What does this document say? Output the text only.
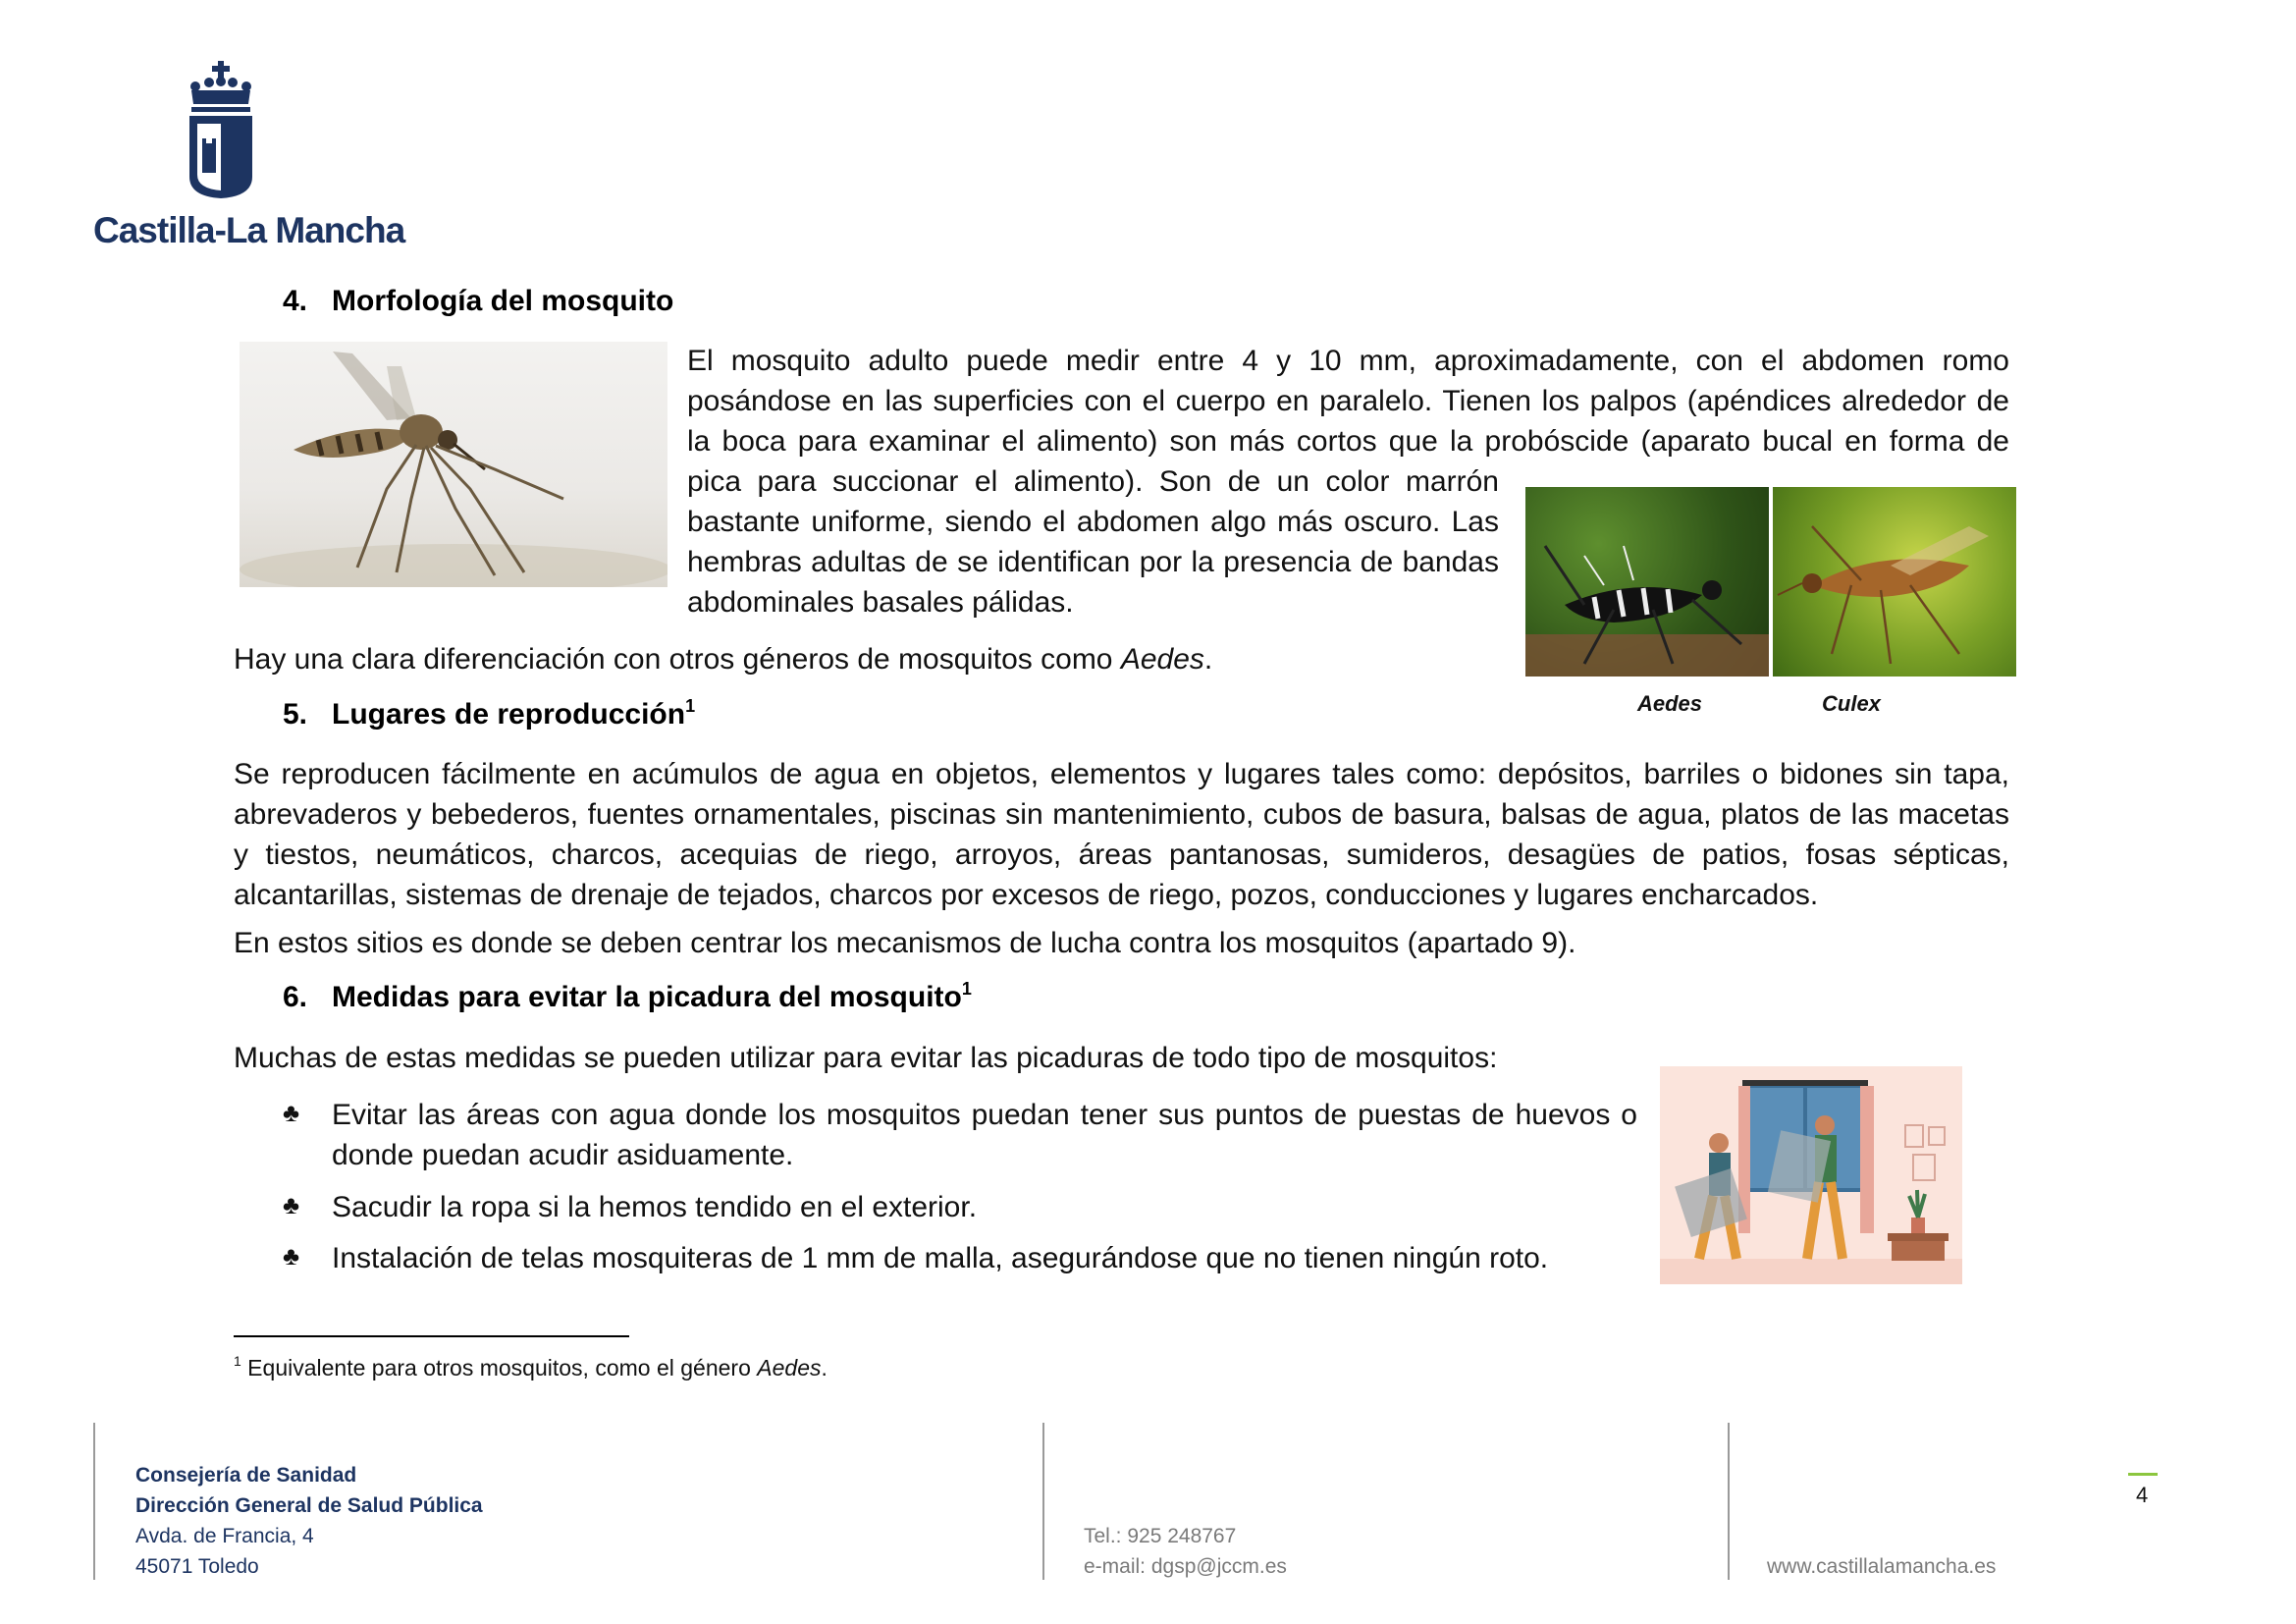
Castilla-La Mancha
4. Morfología del mosquito
El mosquito adulto puede medir entre 4 y 10 mm, aproximadamente, con el abdomen romo
posándose en las superficies con el cuerpo en paralelo. Tienen los palpos (apéndices alrededor de
la boca para examinar el alimento) son más cortos que la probóscide (aparato bucal en forma de
pica para succionar el alimento). Son de un color marrón
bastante uniforme, siendo el abdomen algo más oscuro. Las
hembras adultas de se identifican por la presencia de bandas
abdominales basales pálidas.
Aedes	Culex
Hay una clara diferenciación con otros géneros de mosquitos como Aedes.
5. Lugares de reproducción$^1$
Se reproducen fácilmente en acúmulos de agua en objetos, elementos y lugares tales como: depósitos, barriles o bidones sin tapa,
abrevaderos y bebederos, fuentes ornamentales, piscinas sin mantenimiento, cubos de basura, balsas de agua, platos de las macetas
y tiestos, neumáticos, charcos, acequias de riego, arroyos, áreas pantanosas, sumideros, desagües de patios, fosas sépticas,
alcantarillas, sistemas de drenaje de tejados, charcos por excesos de riego, pozos, conducciones y lugares encharcados.
En estos sitios es donde se deben centrar los mecanismos de lucha contra los mosquitos (apartado 9).
6. Medidas para evitar la picadura del mosquito$^1$
Muchas de estas medidas se pueden utilizar para evitar las picaduras de todo tipo de mosquitos:
♣ Evitar las áreas con agua donde los mosquitos puedan tener sus puntos de puestas de huevos o
donde puedan acudir asiduamente.
♣ Sacudir la ropa si la hemos tendido en el exterior.
♣ Instalación de telas mosquiteras de 1 mm de malla, asegurándose que no tienen ningún roto.
$^1$ Equivalente para otros mosquitos, como el género Aedes.
Consejería de Sanidad
Dirección General de Salud Pública
Avda. de Francia, 4
45071 Toledo
Tel.: 925 248767
e-mail: dgsp@jccm.es	www.castillalamancha.es
4
